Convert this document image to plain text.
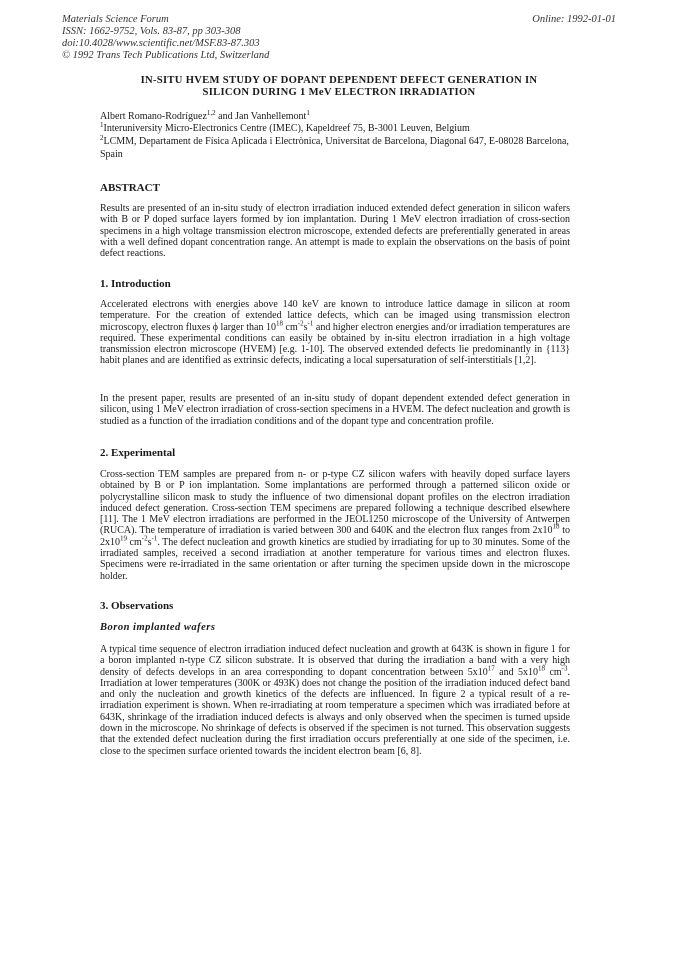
Materials Science Forum
ISSN: 1662-9752, Vols. 83-87, pp 303-308
doi:10.4028/www.scientific.net/MSF.83-87.303
© 1992 Trans Tech Publications Ltd, Switzerland
Online: 1992-01-01
IN-SITU HVEM STUDY OF DOPANT DEPENDENT DEFECT GENERATION IN
SILICON DURING 1 MeV ELECTRON IRRADIATION
Albert Romano-Rodríguez$^{1,2}$ and Jan Vanhellemont$^1$
$^1$Interuniversity Micro-Electronics Centre (IMEC), Kapeldreef 75, B-3001 Leuven, Belgium
$^2$LCMM, Departament de Física Aplicada i Electrònica, Universitat de Barcelona, Diagonal 647, E-08028 Barcelona, Spain
ABSTRACT
Results are presented of an in-situ study of electron irradiation induced extended defect generation in silicon wafers with B or P doped surface layers formed by ion implantation. During 1 MeV electron irradiation of cross-section specimens in a high voltage transmission electron microscope, extended defects are preferentially generated in areas with a well defined dopant concentration range. An attempt is made to explain the observations on the basis of point defect reactions.
1. Introduction
Accelerated electrons with energies above 140 keV are known to introduce lattice damage in silicon at room temperature. For the creation of extended lattice defects, which can be imaged using transmission electron microscopy, electron fluxes ϕ larger than $10^{18}$ $cm^{-2}s^{-1}$ and higher electron energies and/or irradiation temperatures are required. These experimental conditions can easily be obtained by in-situ electron irradiation in a high voltage transmission electron microscope (HVEM) [e.g. 1-10]. The observed extended defects lie predominantly in {113} habit planes and are identified as extrinsic defects, indicating a local supersaturation of self-interstitials [1,2].
In the present paper, results are presented of an in-situ study of dopant dependent extended defect generation in silicon, using 1 MeV electron irradiation of cross-section specimens in a HVEM. The defect nucleation and growth is studied as a function of the irradiation conditions and of the dopant type and concentration profile.
2. Experimental
Cross-section TEM samples are prepared from n- or p-type CZ silicon wafers with heavily doped surface layers obtained by B or P ion implantation. Some implantations are performed through a patterned silicon oxide or polycrystalline silicon mask to study the influence of two dimensional dopant profiles on the electron irradiation induced defect generation. Cross-section TEM specimens are prepared following a technique described elsewhere [11]. The 1 MeV electron irradiations are performed in the JEOL1250 microscope of the University of Antwerpen (RUCA). The temperature of irradiation is varied between 300 and 640K and the electron flux ranges from $2x10^{18}$ to $2x10^{19}$ $cm^{-2}s^{-1}$. The defect nucleation and growth kinetics are studied by irradiating for up to 30 minutes. Some of the irradiated samples, received a second irradiation at another temperature for various times and electron fluxes. Specimens were re-irradiated in the same orientation or after turning the specimen upside down in the microscope holder.
3. Observations
Boron implanted wafers
A typical time sequence of electron irradiation induced defect nucleation and growth at 643K is shown in figure 1 for a boron implanted n-type CZ silicon substrate. It is observed that during the irradiation a band with a very high density of defects develops in an area corresponding to dopant concentration between $5x10^{17}$ and $5x10^{18}$ $cm^{-3}$. Irradiation at lower temperatures (300K or 493K) does not change the position of the irradiation induced defect band and only the nucleation and growth kinetics of the defects are influenced. In figure 2 a typical result of a re-irradiation experiment is shown. When re-irradiating at room temperature a specimen which was irradiated before at 643K, shrinkage of the irradiation induced defects is always and only observed when the specimen is turned upside down in the microscope. No shrinkage of defects is observed if the specimen is not turned. This observation suggests that the extended defect nucleation during the first irradiation occurs preferentially at one side of the specimen, i.e. close to the specimen surface oriented towards the incident electron beam [6, 8].
